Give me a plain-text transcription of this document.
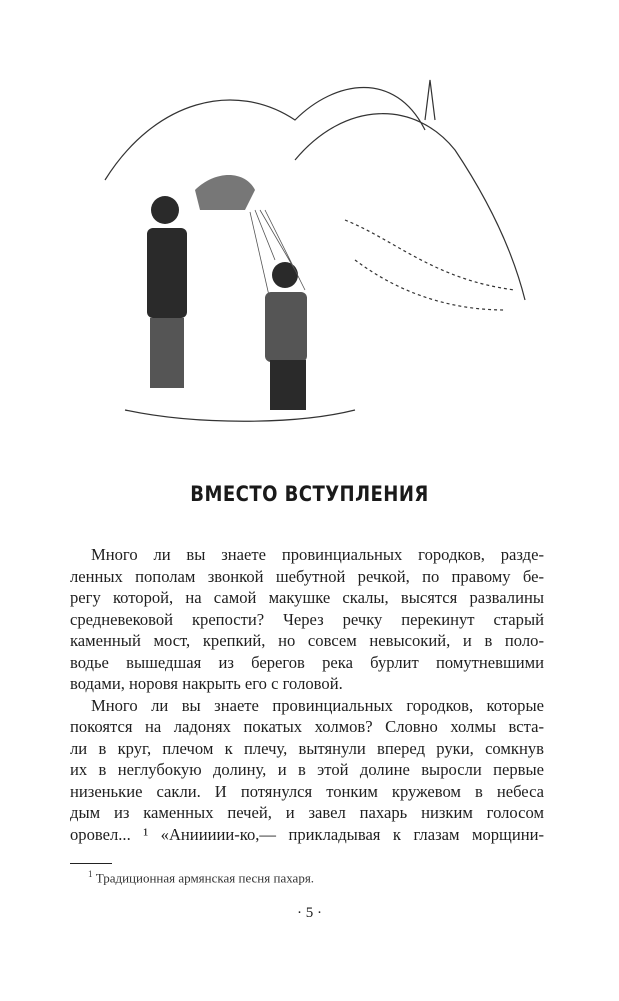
ВМЕСТО ВСТУПЛЕНИЯ
Много ли вы знаете провинциальных городков, разде-
ленных пополам звонкой шебутной речкой, по правому бе-
регу которой, на самой макушке скалы, высятся развалины
средневековой крепости? Через речку перекинут старый
каменный мост, крепкий, но совсем невысокий, и в поло-
водье вышедшая из берегов река бурлит помутневшими
водами, норовя накрыть его с головой.
Много ли вы знаете провинциальных городков, которые
покоятся на ладонях покатых холмов? Словно холмы вста-
ли в круг, плечом к плечу, вытянули вперед руки, сомкнув
их в неглубокую долину, и в этой долине выросли первые
низенькие сакли. И потянулся тонким кружевом в небеса
дым из каменных печей, и завел пахарь низким голосом
оровел... ¹ «Аниииии-ко,— прикладывая к глазам морщини-
$^1$ Традиционная армянская песня пахаря.
· 5 ·
